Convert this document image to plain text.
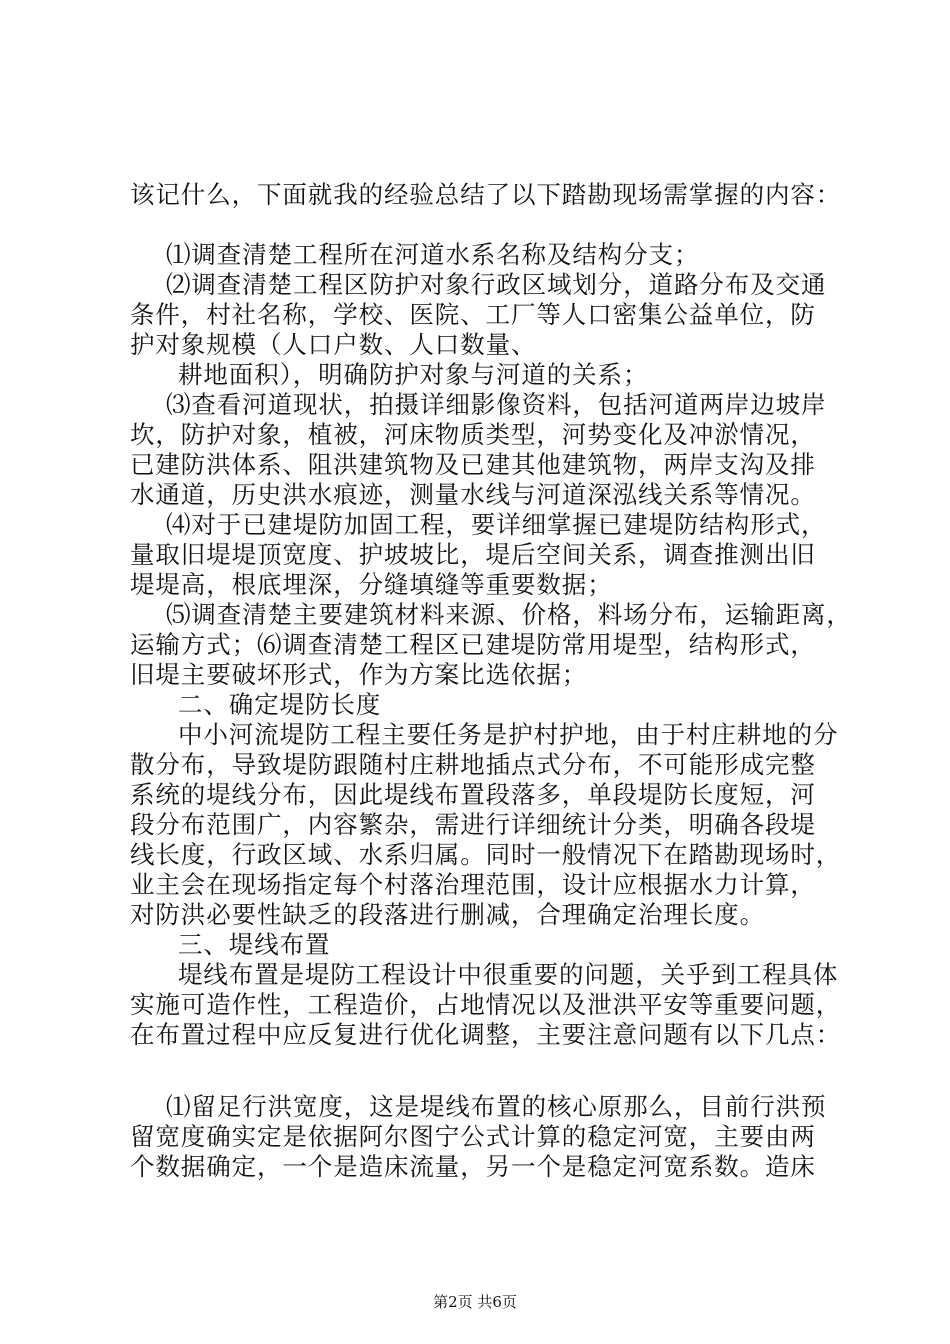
该记什么，下面就我的经验总结了以下踏勘现场需掌握的内容：
⑴调查清楚工程所在河道水系名称及结构分支；
⑵调查清楚工程区防护对象行政区域划分，道路分布及交通
条件，村社名称，学校、医院、工厂等人口密集公益单位，防
护对象规模（人口户数、人口数量、
耕地面积），明确防护对象与河道的关系；
⑶查看河道现状，拍摄详细影像资料，包括河道两岸边坡岸
坎，防护对象，植被，河床物质类型，河势变化及冲淤情况，
已建防洪体系、阻洪建筑物及已建其他建筑物，两岸支沟及排
水通道，历史洪水痕迹，测量水线与河道深泓线关系等情况。
⑷对于已建堤防加固工程，要详细掌握已建堤防结构形式，
量取旧堤堤顶宽度、护坡坡比，堤后空间关系，调查推测出旧
堤堤高，根底埋深，分缝填缝等重要数据；
⑸调查清楚主要建筑材料来源、价格，料场分布，运输距离，
运输方式；⑹调查清楚工程区已建堤防常用堤型，结构形式，
旧堤主要破坏形式，作为方案比选依据；
二、确定堤防长度
中小河流堤防工程主要任务是护村护地，由于村庄耕地的分
散分布，导致堤防跟随村庄耕地插点式分布，不可能形成完整
系统的堤线分布，因此堤线布置段落多，单段堤防长度短，河
段分布范围广，内容繁杂，需进行详细统计分类，明确各段堤
线长度，行政区域、水系归属。同时一般情况下在踏勘现场时，
业主会在现场指定每个村落治理范围，设计应根据水力计算，
对防洪必要性缺乏的段落进行删减，合理确定治理长度。
三、堤线布置
堤线布置是堤防工程设计中很重要的问题，关乎到工程具体
实施可造作性，工程造价，占地情况以及泄洪平安等重要问题，
在布置过程中应反复进行优化调整，主要注意问题有以下几点：
⑴留足行洪宽度，这是堤线布置的核心原那么，目前行洪预
留宽度确实定是依据阿尔图宁公式计算的稳定河宽，主要由两
个数据确定，一个是造床流量，另一个是稳定河宽系数。造床
第2页 共6页
